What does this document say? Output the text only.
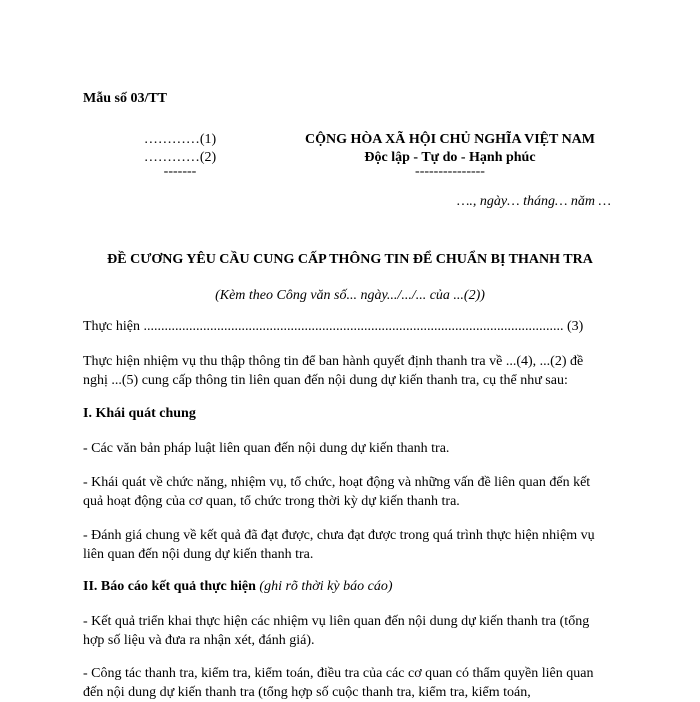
Mẫu số 03/TT
…………(1)
…………(2)
-------
CỘNG HÒA XÃ HỘI CHỦ NGHĨA VIỆT NAM
Độc lập - Tự do - Hạnh phúc
---------------
…., ngày… tháng… năm …
ĐỀ CƯƠNG YÊU CẦU CUNG CẤP THÔNG TIN ĐỂ CHUẨN BỊ THANH TRA
(Kèm theo Công văn số... ngày.../.../... của ...(2))
Thực hiện ........................................................................................................................ (3)
Thực hiện nhiệm vụ thu thập thông tin để ban hành quyết định thanh tra về ...(4), ...(2) đề nghị ...(5) cung cấp thông tin liên quan đến nội dung dự kiến thanh tra, cụ thể như sau:
I. Khái quát chung
- Các văn bản pháp luật liên quan đến nội dung dự kiến thanh tra.
- Khái quát về chức năng, nhiệm vụ, tổ chức, hoạt động và những vấn đề liên quan đến kết quả hoạt động của cơ quan, tổ chức trong thời kỳ dự kiến thanh tra.
- Đánh giá chung về kết quả đã đạt được, chưa đạt được trong quá trình thực hiện nhiệm vụ liên quan đến nội dung dự kiến thanh tra.
II. Báo cáo kết quả thực hiện (ghi rõ thời kỳ báo cáo)
- Kết quả triển khai thực hiện các nhiệm vụ liên quan đến nội dung dự kiến thanh tra (tổng hợp số liệu và đưa ra nhận xét, đánh giá).
- Công tác thanh tra, kiểm tra, kiểm toán, điều tra của các cơ quan có thẩm quyền liên quan đến nội dung dự kiến thanh tra (tổng hợp số cuộc thanh tra, kiểm tra, kiểm toán,
